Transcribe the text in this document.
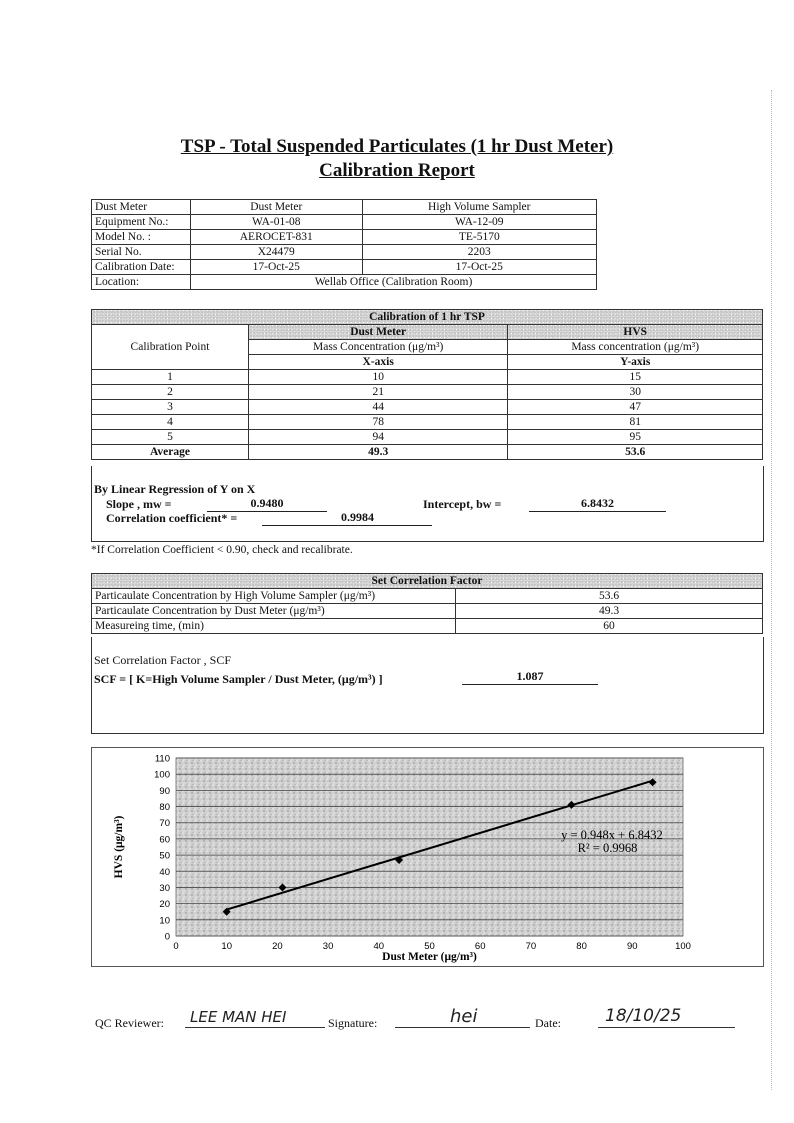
TSP - Total Suspended Particulates (1 hr Dust Meter)
Calibration Report
Dust Meter	Dust Meter	High Volume Sampler
Equipment No.:	WA-01-08	WA-12-09
Model No. :	AEROCET-831	TE-5170
Serial No.	X24479	2203
Calibration Date:	17-Oct-25	17-Oct-25
Location:	Wellab Office (Calibration Room)	
Calibration of 1 hr TSP		
Calibration Point	Dust Meter	HVS
	Mass Concentration (μg/m³)	Mass concentration (μg/m³)
	X-axis	Y-axis
1	10	15
2	21	30
3	44	47
4	78	81
5	94	95
Average	49.3	53.6
By Linear Regression of Y on X
Slope , mw =	0.9480	Intercept, bw =	6.8432
Correlation coefficient* =	0.9984
*If Correlation Coefficient < 0.90, check and recalibrate.
Set Correlation Factor	
Particaulate Concentration by High Volume Sampler (μg/m³)	53.6
Particaulate Concentration by Dust Meter (μg/m³)	49.3
Measureing time, (min)	60
Set Correlation Factor , SCF
SCF = [ K=High Volume Sampler / Dust Meter, (μg/m³) ]	1.087
0
10
20
30
40
50
60
70
80
90
100
110
0	10	20	30	40	50	60	70	80	90	100
y = 0.948x + 6.8432
R² = 0.9968
Dust Meter (μg/m³)
HVS (μg/m³)
QC Reviewer: LEE MAN HEI	Signature:	hei	Date:	18/10/25
